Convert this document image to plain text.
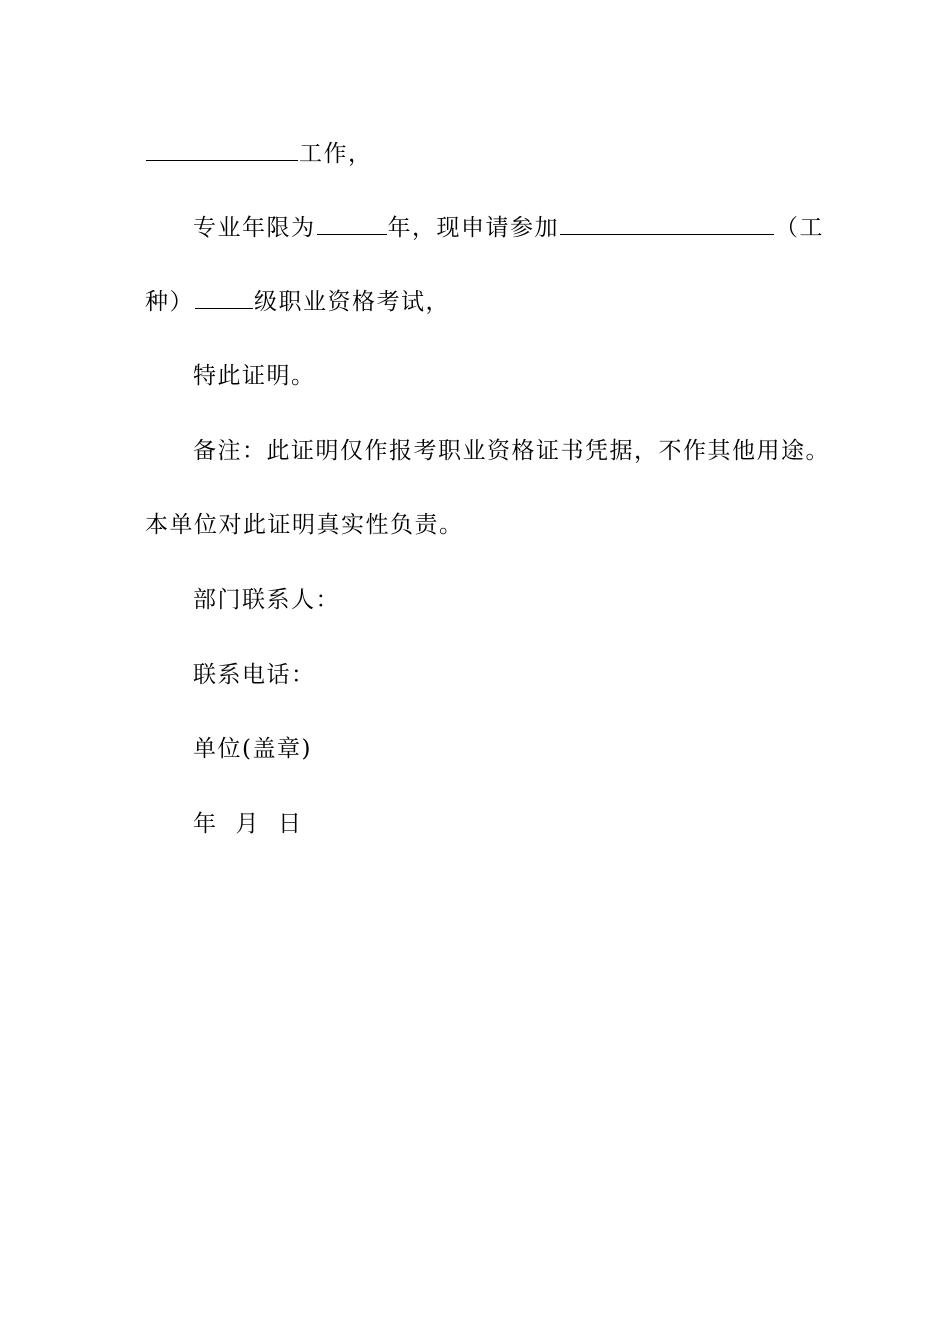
工作，
专业年限为	年，现申请参加	（工
种）	级职业资格考试，
特此证明。
备注：此证明仅作报考职业资格证书凭据，不作其他用途。
本单位对此证明真实性负责。
部门联系人：
联系电话：
单位(盖章)
年 月 日
